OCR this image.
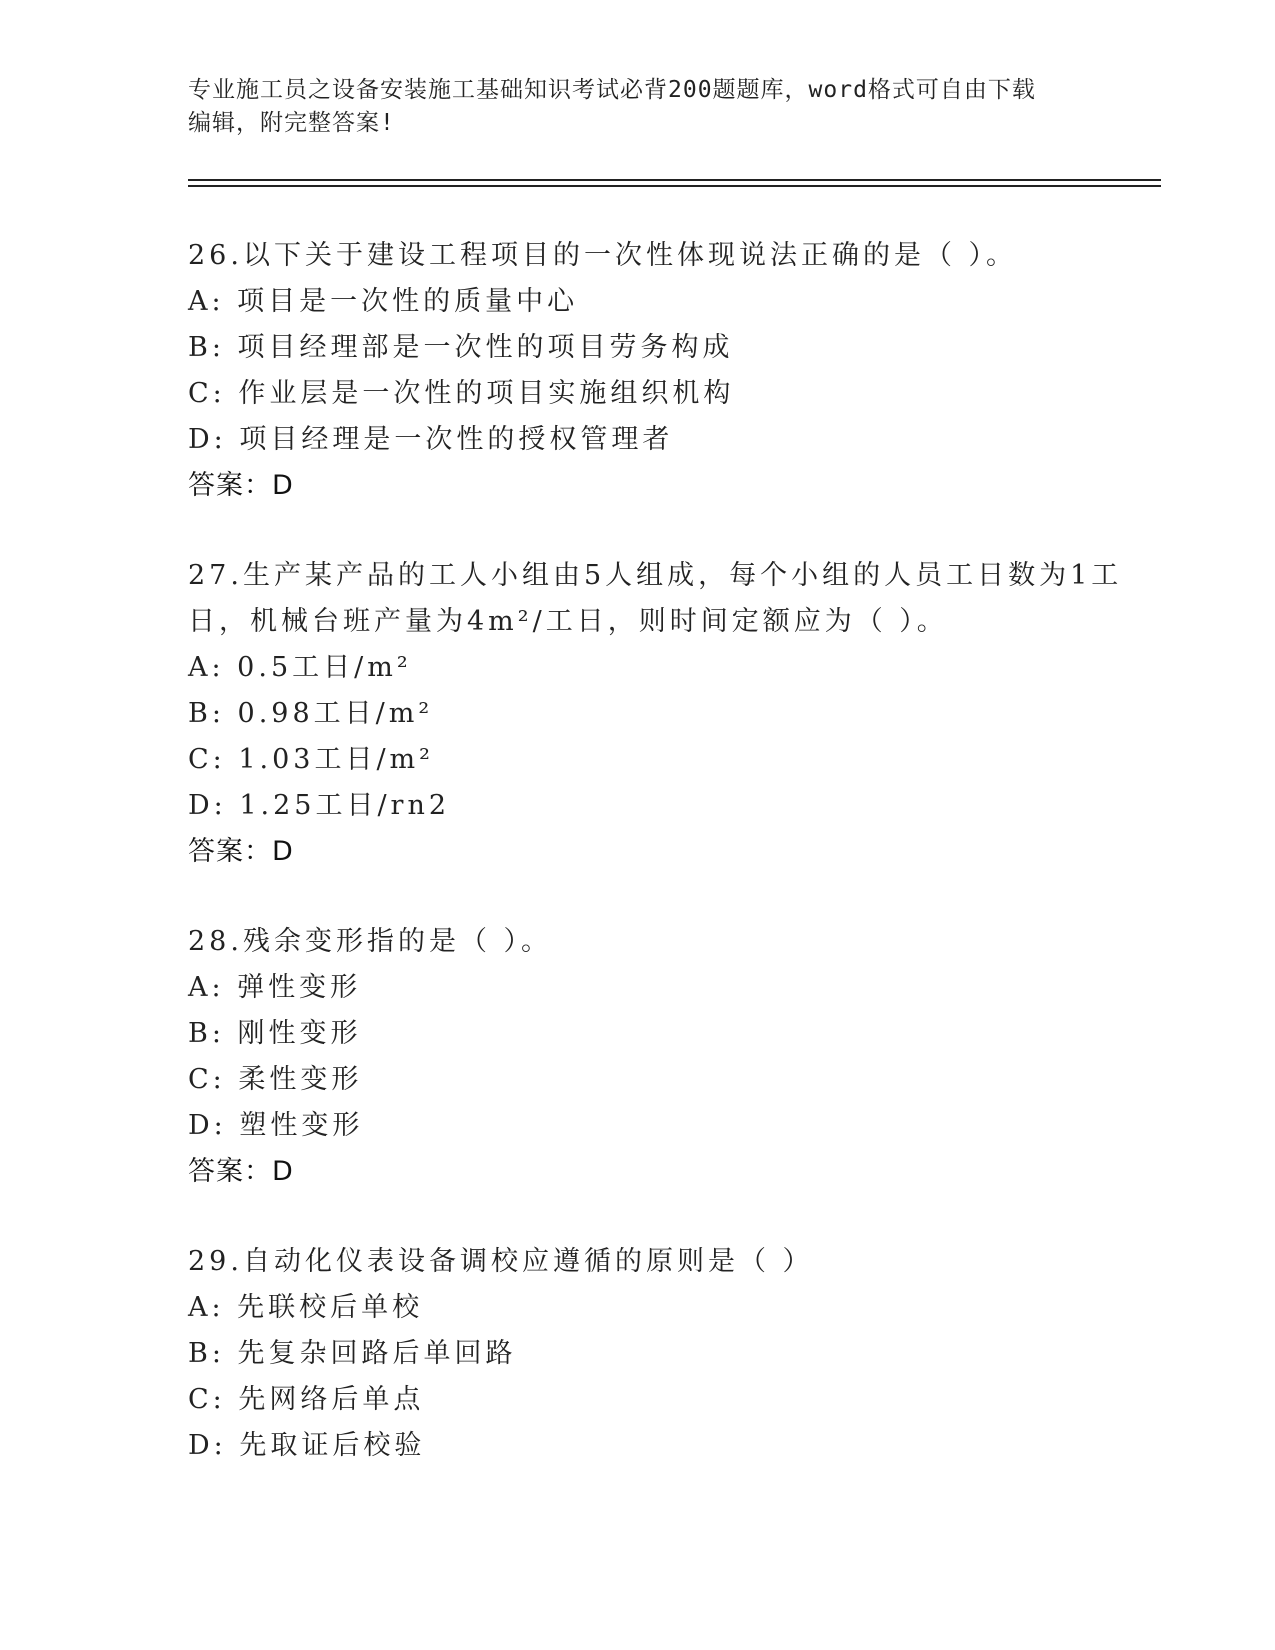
专业施工员之设备安装施工基础知识考试必背200题题库，word格式可自由下载
编辑，附完整答案!
26.以下关于建设工程项目的一次性体现说法正确的是（ ）。
A: 项目是一次性的质量中心
B: 项目经理部是一次性的项目劳务构成
C: 作业层是一次性的项目实施组织机构
D: 项目经理是一次性的授权管理者
答案：D
27.生产某产品的工人小组由5人组成，每个小组的人员工日数为1工
日，机械台班产量为4m²/工日，则时间定额应为（ ）。
A: 0.5工日/m²
B: 0.98工日/m²
C: 1.03工日/m²
D: 1.25工日/rn2
答案：D
28.残余变形指的是（ ）。
A: 弹性变形
B: 刚性变形
C: 柔性变形
D: 塑性变形
答案：D
29.自动化仪表设备调校应遵循的原则是（ ）
A: 先联校后单校
B: 先复杂回路后单回路
C: 先网络后单点
D: 先取证后校验
